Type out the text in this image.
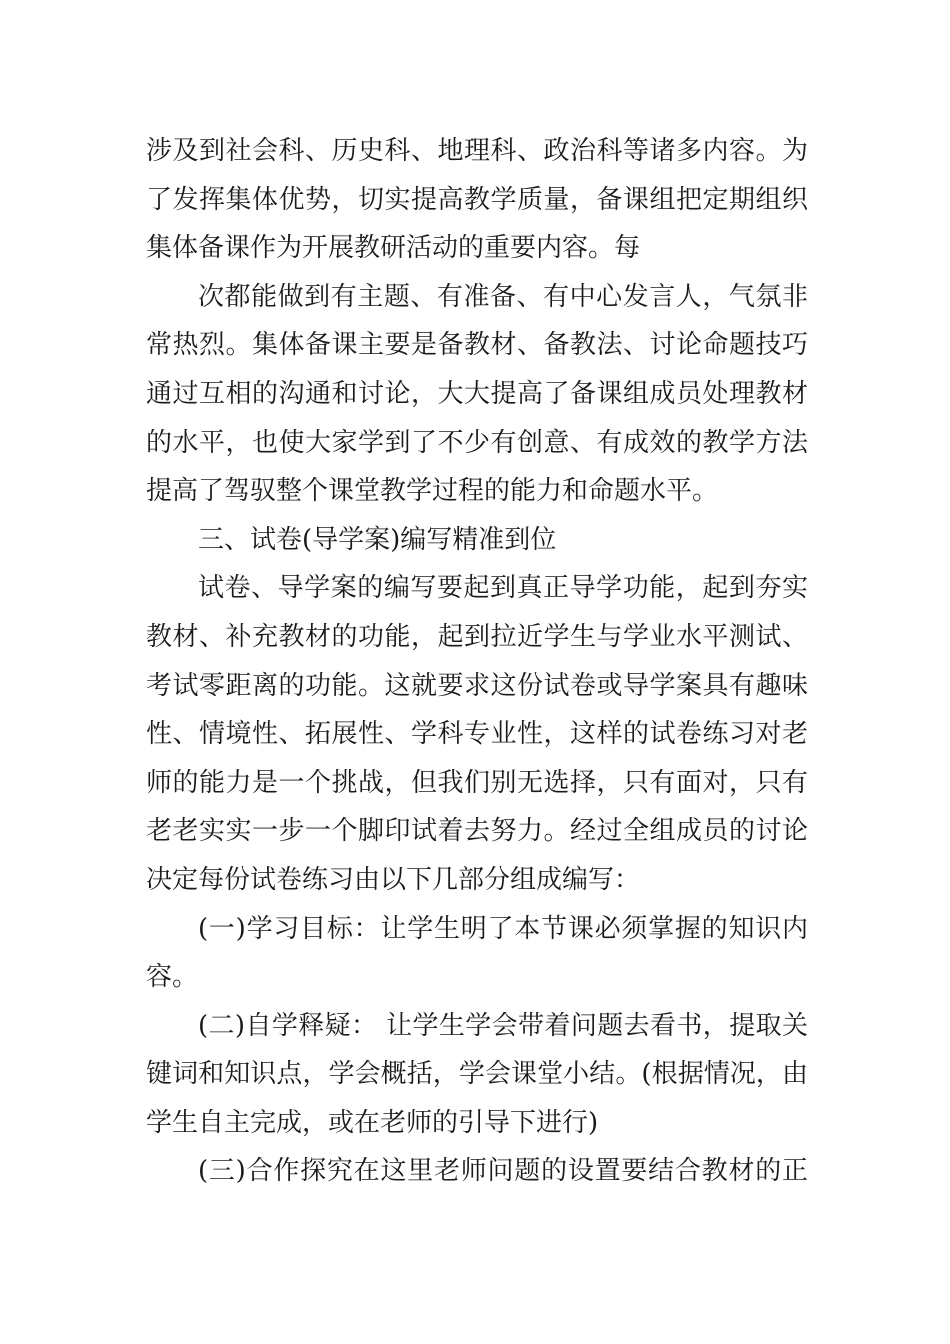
涉及到社会科、历史科、地理科、政治科等诸多内容。为
了发挥集体优势，切实提高教学质量，备课组把定期组织
集体备课作为开展教研活动的重要内容。每
次都能做到有主题、有准备、有中心发言人，气氛非
常热烈。集体备课主要是备教材、备教法、讨论命题技巧
通过互相的沟通和讨论，大大提高了备课组成员处理教材
的水平，也使大家学到了不少有创意、有成效的教学方法
提高了驾驭整个课堂教学过程的能力和命题水平。
三、试卷(导学案)编写精准到位
试卷、导学案的编写要起到真正导学功能，起到夯实
教材、补充教材的功能，起到拉近学生与学业水平测试、
考试零距离的功能。这就要求这份试卷或导学案具有趣味
性、情境性、拓展性、学科专业性，这样的试卷练习对老
师的能力是一个挑战，但我们别无选择，只有面对，只有
老老实实一步一个脚印试着去努力。经过全组成员的讨论
决定每份试卷练习由以下几部分组成编写：
(一)学习目标：让学生明了本节课必须掌握的知识内
容。
(二)自学释疑： 让学生学会带着问题去看书，提取关
键词和知识点，学会概括，学会课堂小结。(根据情况，由
学生自主完成，或在老师的引导下进行)
(三)合作探究在这里老师问题的设置要结合教材的正
